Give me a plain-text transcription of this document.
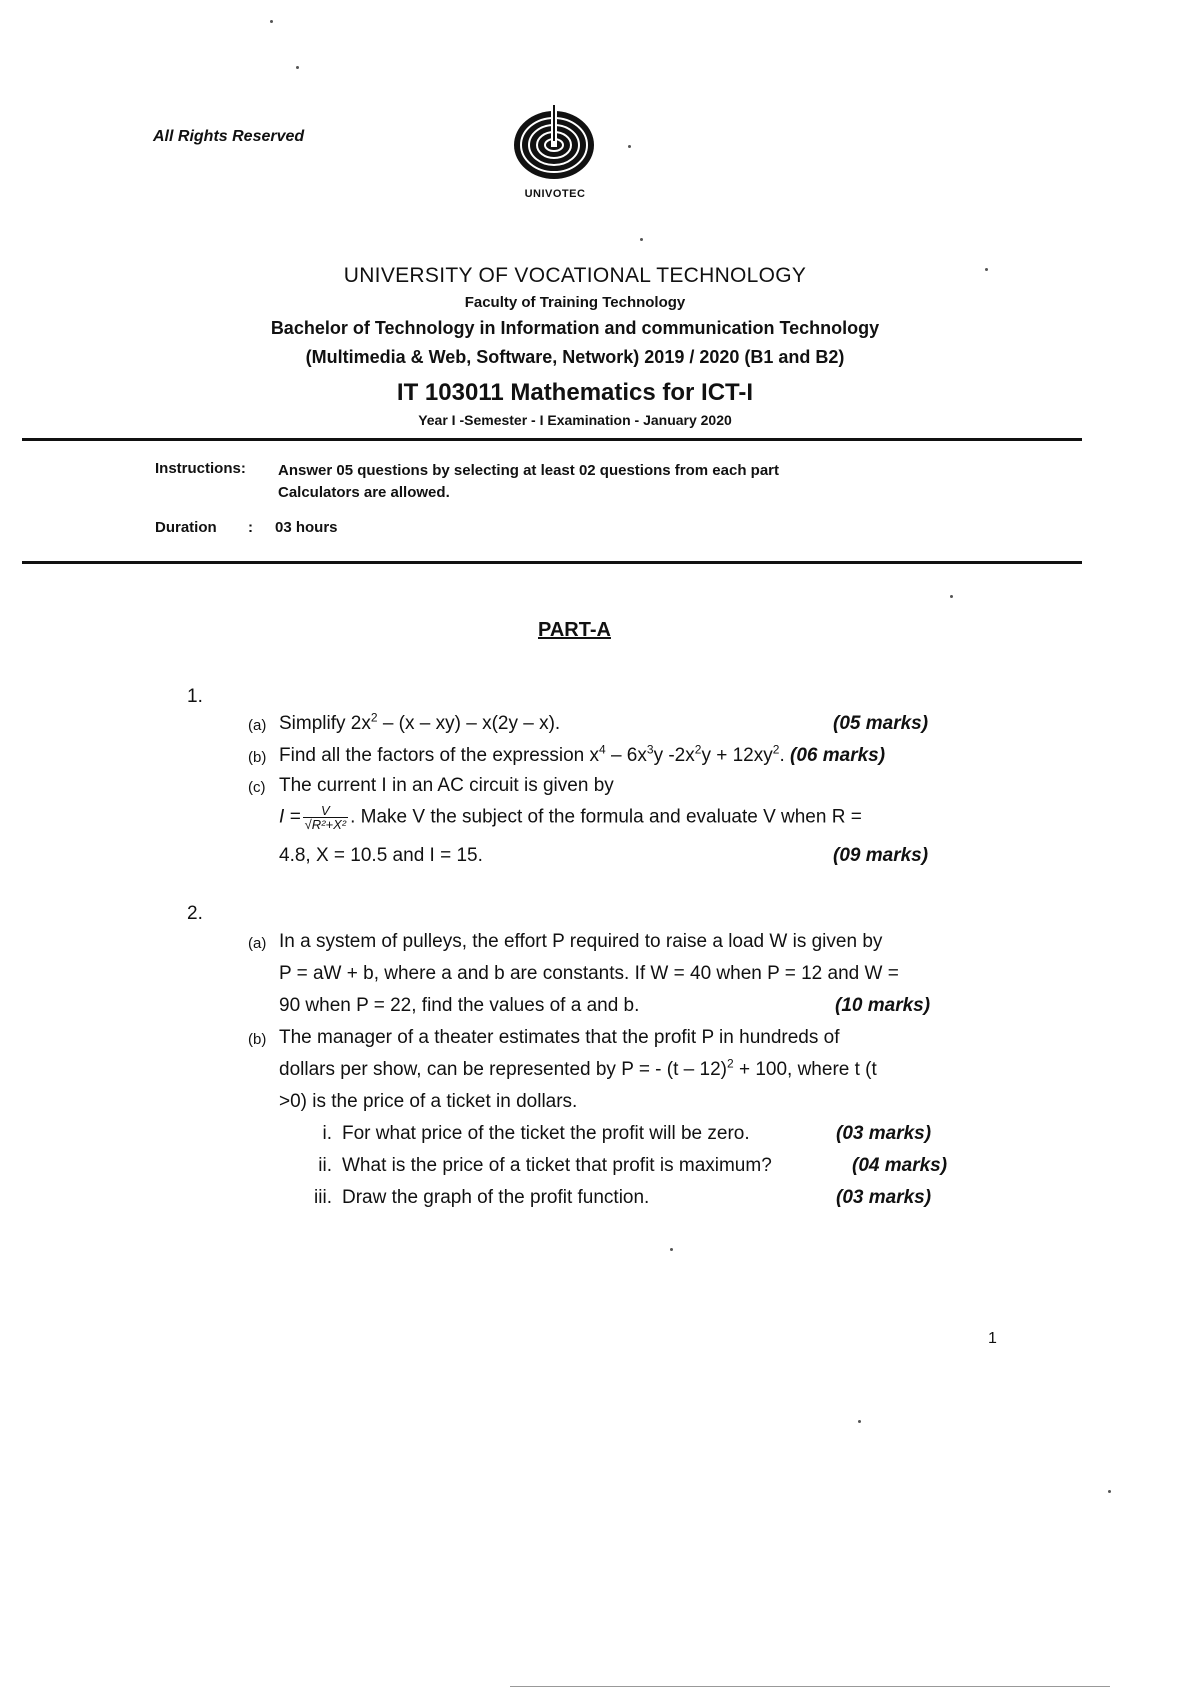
All Rights Reserved
UNIVOTEC
UNIVERSITY OF VOCATIONAL TECHNOLOGY
Faculty of Training Technology
Bachelor of Technology in Information and communication Technology
(Multimedia & Web, Software, Network) 2019 / 2020 (B1 and B2)
IT 103011 Mathematics for ICT-I
Year I -Semester - I Examination - January 2020
Instructions: Answer 05 questions by selecting at least 02 questions from each part
Calculators are allowed.
Duration : 03 hours
PART-A
1.
(a) Simplify $2x^2 - (x - xy) - x(2y - x)$.	(05 marks)
(b) Find all the factors of the expression $x^4 - 6x^3y$ $-2x^2y + 12xy^2$. (06 marks)
(c) The current I in an AC circuit is given by
$I = \frac{V}{\text{√R²+X²}}$ . Make V the subject of the formula and evaluate V when R =
4.8, X = 10.5 and I = 15.	(09 marks)
2.
(a) In a system of pulleys, the effort P required to raise a load W is given by
P = aW + b, where a and b are constants. If W = 40 when P = 12 and W =
90 when P = 22, find the values of a and b.	(10 marks)
(b) The manager of a theater estimates that the profit P in hundreds of
dollars per show, can be represented by P = - (t – 12)$^2$ + 100, where t (t
>0) is the price of a ticket in dollars.
i. For what price of the ticket the profit will be zero.	(03 marks)
ii. What is the price of a ticket that profit is maximum?	(04 marks)
iii. Draw the graph of the profit function.	(03 marks)
1
